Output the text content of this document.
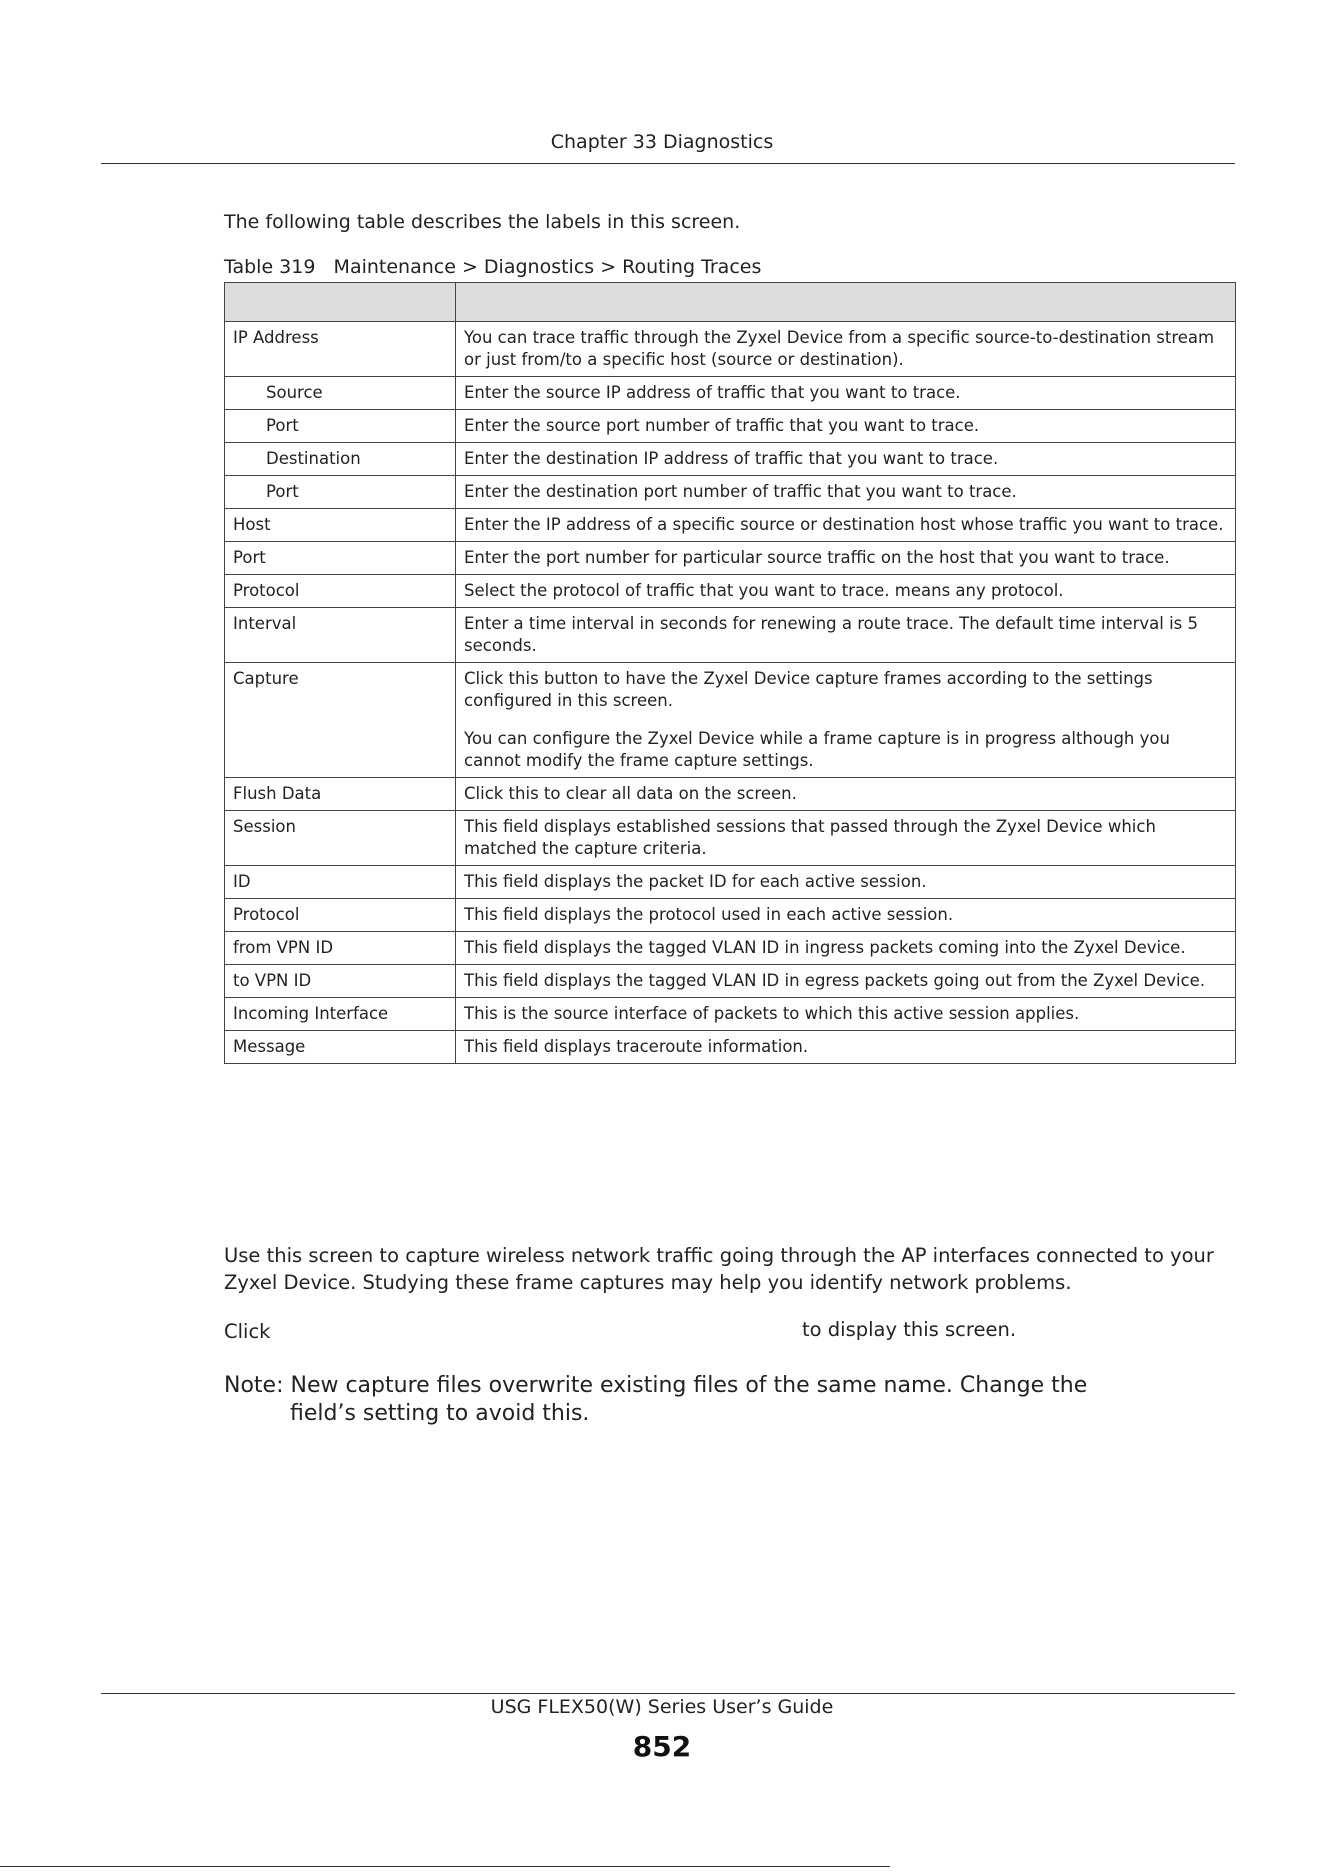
Chapter 33 Diagnostics
The following table describes the labels in this screen.
Table 319   Maintenance > Diagnostics > Routing Traces

IP Address	You can trace traffic through the Zyxel Device from a specific source-to-destination stream or just from/to a specific host (source or destination).

Source	Enter the source IP address of traffic that you want to trace.

Port	Enter the source port number of traffic that you want to trace.

Destination	Enter the destination IP address of traffic that you want to trace.

Port	Enter the destination port number of traffic that you want to trace.

Host	Enter the IP address of a specific source or destination host whose traffic you want to trace.

Port	Enter the port number for particular source traffic on the host that you want to trace.

Protocol	Select the protocol of traffic that you want to trace. means any protocol.

Interval	Enter a time interval in seconds for renewing a route trace. The default time interval is 5 seconds.

Capture	Click this button to have the Zyxel Device capture frames according to the settings configured in this screen.

You can configure the Zyxel Device while a frame capture is in progress although you cannot modify the frame capture settings.

Flush Data	Click this to clear all data on the screen.

Session	This field displays established sessions that passed through the Zyxel Device which matched the capture criteria.

ID	This field displays the packet ID for each active session.

Protocol	This field displays the protocol used in each active session.

from VPN ID	This field displays the tagged VLAN ID in ingress packets coming into the Zyxel Device.

to VPN ID	This field displays the tagged VLAN ID in egress packets going out from the Zyxel Device.

Incoming Interface	This is the source interface of packets to which this active session applies.

Message	This field displays traceroute information.

Use this screen to capture wireless network traffic going through the AP interfaces connected to your Zyxel Device. Studying these frame captures may help you identify network problems.
Click	to display this screen.
Note: New capture files overwrite existing files of the same name. Change the
field’s setting to avoid this.
USG FLEX50(W) Series User’s Guide
852
